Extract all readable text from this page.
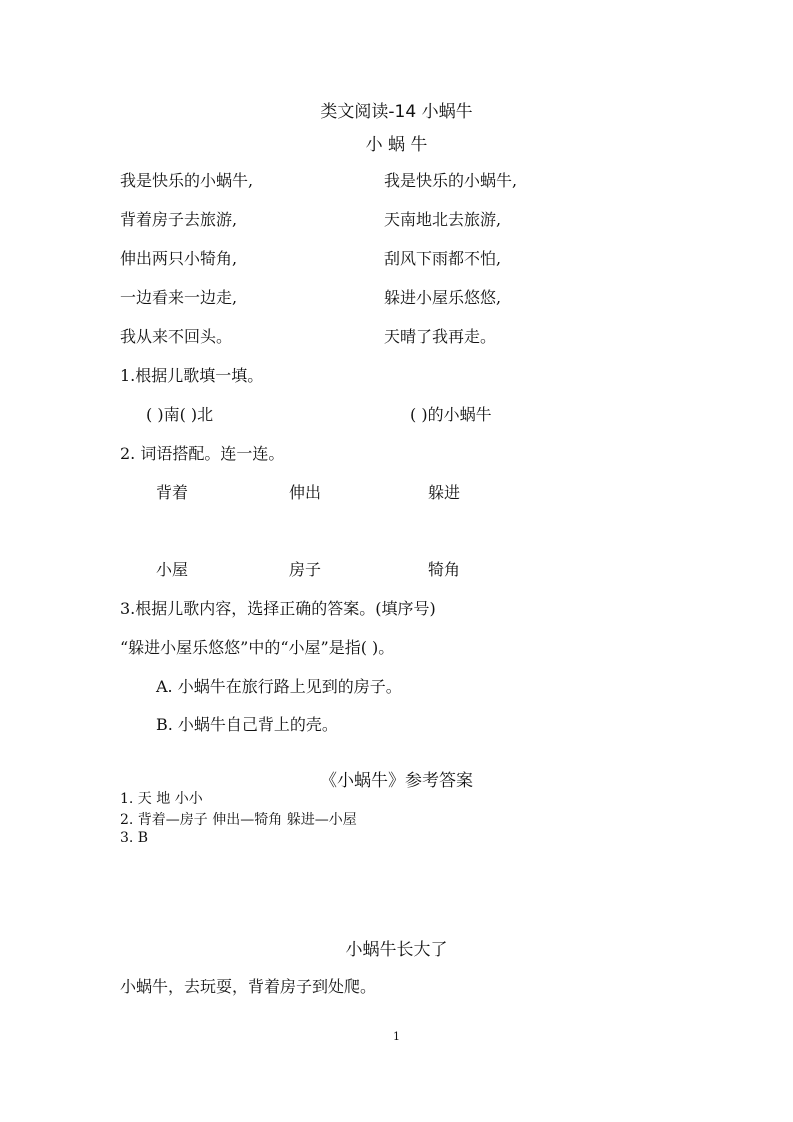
类文阅读-14 小蜗牛
小 蜗 牛
我是快乐的小蜗牛,
背着房子去旅游,
伸出两只小犄角,
一边看来一边走,
我从来不回头。
我是快乐的小蜗牛,
天南地北去旅游,
刮风下雨都不怕,
躲进小屋乐悠悠,
天晴了我再走。
1.根据儿歌填一填。
( )南( )北	( )的小蜗牛
2. 词语搭配。连一连。
背着	伸出	躲进
小屋	房子	犄角
3.根据儿歌内容，选择正确的答案。(填序号)
“躲进小屋乐悠悠”中的“小屋”是指( )。
A. 小蜗牛在旅行路上见到的房子。
B. 小蜗牛自己背上的壳。
《小蜗牛》参考答案
1. 天 地 小小
2. 背着—房子 伸出—犄角 躲进—小屋
3. B
小蜗牛长大了
小蜗牛，去玩耍，背着房子到处爬。
1
